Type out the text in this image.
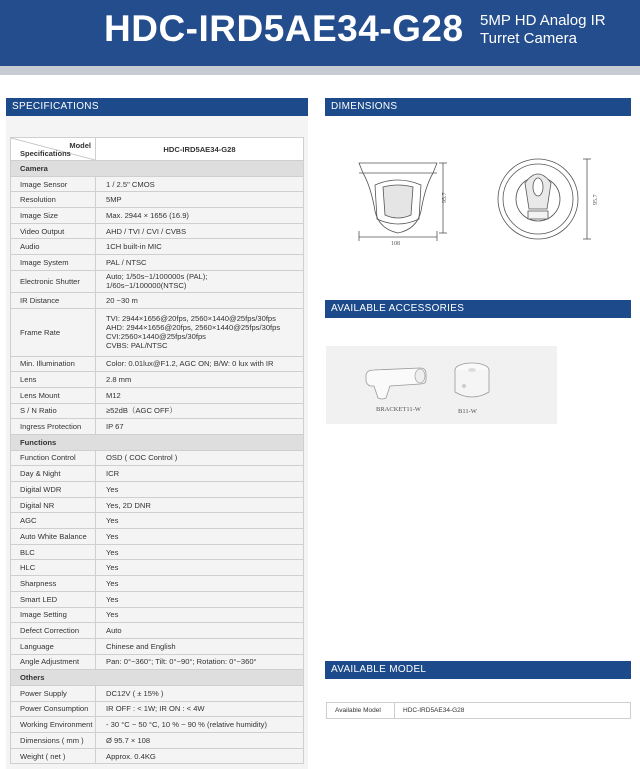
HDC-IRD5AE34-G28 5MP HD Analog IR
Turret Camera
SPECIFICATIONS
Model
Specifications	HDC-IRD5AE34-G28
Camera	
Image Sensor	1 / 2.5" CMOS
Resolution	5MP
Image Size	Max. 2944 × 1656 (16.9)
Video Output	AHD / TVI / CVI / CVBS
Audio	1CH built-in MIC
Image System	PAL / NTSC
Electronic Shutter	Auto; 1/50s~1/100000s (PAL);
1/60s~1/100000(NTSC)
IR Distance	20 ~30 m
Frame Rate	TVI: 2944×1656@20fps, 2560×1440@25fps/30fps
AHD: 2944×1656@20fps, 2560×1440@25fps/30fps
CVI:2560×1440@25fps/30fps
CVBS: PAL/NTSC
Min. Illumination	Color: 0.01lux@F1.2, AGC ON; B/W: 0 lux with IR
Lens	2.8 mm
Lens Mount	M12
S / N Ratio	≥52dB（AGC OFF）
Ingress Protection	IP 67
Functions	
Function Control	OSD ( COC Control )
Day & Night	ICR
Digital WDR	Yes
Digital NR	Yes, 2D DNR
AGC	Yes
Auto White Balance	Yes
BLC	Yes
HLC	Yes
Sharpness	Yes
Smart LED	Yes
Image Setting	Yes
Defect Correction	Auto
Language	Chinese and English
Angle Adjustment	Pan: 0°~360°; Tilt: 0°~90°; Rotation: 0°~360°
Others	
Power Supply	DC12V ( ± 15% )
Power Consumption	IR OFF : < 1W; IR ON : < 4W
Working Environment	- 30 °C ~ 50 °C, 10 % ~ 90 % (relative humidity)
Dimensions ( mm )	Ø 95.7 × 108
Weight ( net )	Approx. 0.4KG
DIMENSIONS
108
95.7	95.7
AVAILABLE ACCESSORIES
BRACKET11-W	B11-W
AVAILABLE MODEL
Available Model	HDC-IRD5AE34-G28
